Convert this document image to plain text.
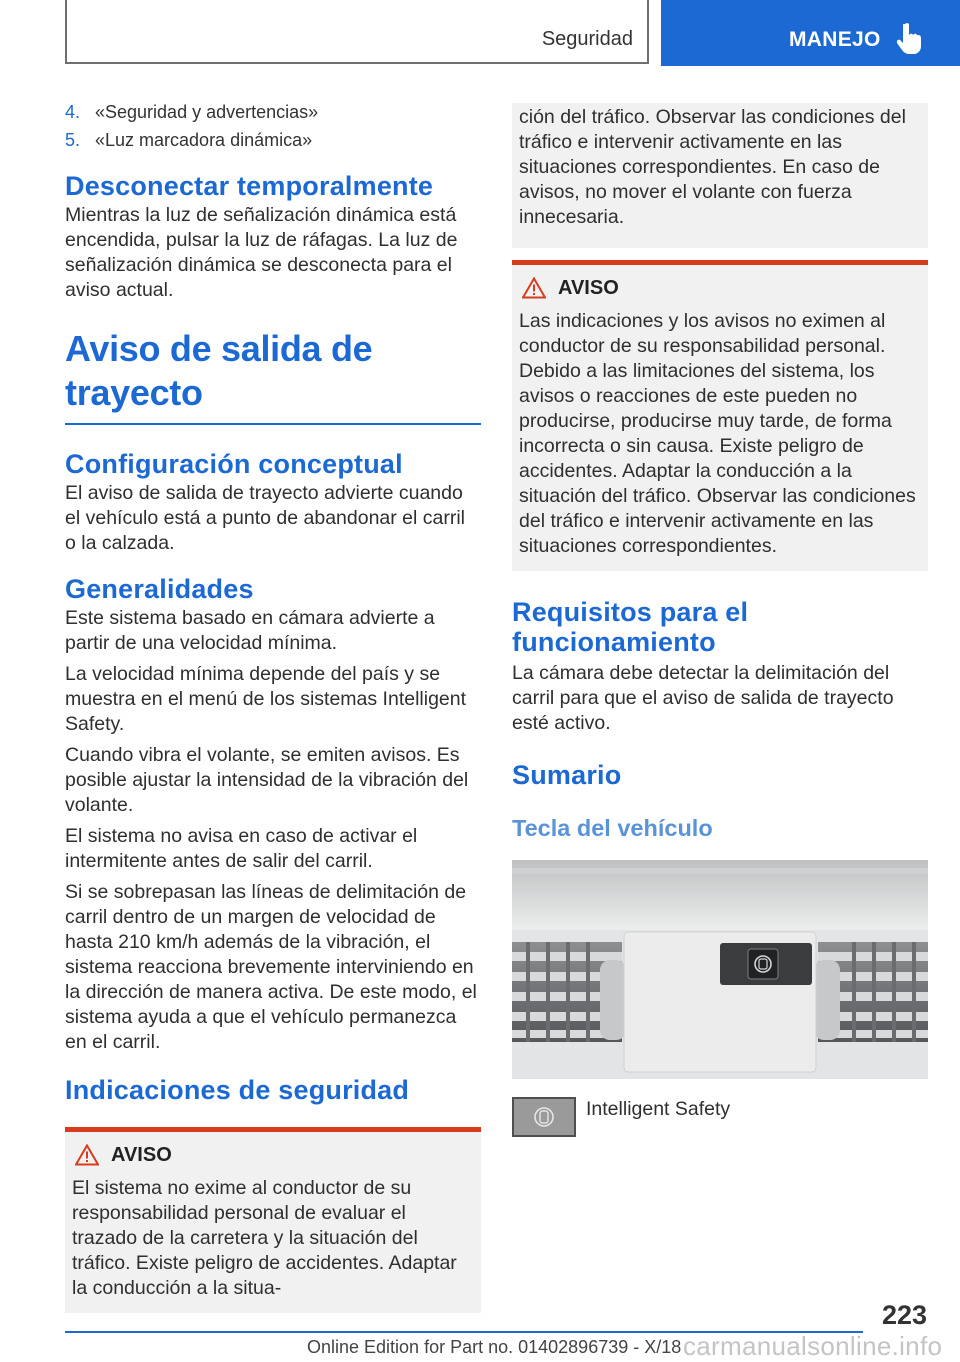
Seguridad	MANEJO
4. «Seguridad y advertencias»
5. «Luz marcadora dinámica»
Desconectar temporalmente

Mientras la luz de señalización dinámica está encendida, pulsar la luz de ráfagas. La luz de señalización dinámica se desconecta para el aviso actual.

Aviso de salida de trayecto
Configuración conceptual

El aviso de salida de trayecto advierte cuando el vehículo está a punto de abandonar el carril o la calzada.

Generalidades

Este sistema basado en cámara advierte a partir de una velocidad mínima.

La velocidad mínima depende del país y se muestra en el menú de los sistemas Intelligent Safety.

Cuando vibra el volante, se emiten avisos. Es posible ajustar la intensidad de la vibración del volante.

El sistema no avisa en caso de activar el intermitente antes de salir del carril.

Si se sobrepasan las líneas de delimitación de carril dentro de un margen de velocidad de hasta 210 km/h además de la vibración, el sistema reacciona brevemente interviniendo en la dirección de manera activa. De este modo, el sistema ayuda a que el vehículo permanezca en el carril.

Indicaciones de seguridad
AVISO
El sistema no exime al conductor de su responsabilidad personal de evaluar el trazado de la carretera y la situación del tráfico. Existe peligro de accidentes. Adaptar la conducción a la situa-
ción del tráfico. Observar las condiciones del tráfico e intervenir activamente en las situaciones correspondientes. En caso de avisos, no mover el volante con fuerza innecesaria.
AVISO
Las indicaciones y los avisos no eximen al conductor de su responsabilidad personal. Debido a las limitaciones del sistema, los avisos o reacciones de este pueden no producirse, producirse muy tarde, de forma incorrecta o sin causa. Existe peligro de accidentes. Adaptar la conducción a la situación del tráfico. Observar las condiciones del tráfico e intervenir activamente en las situaciones correspondientes.
Requisitos para el funcionamiento

La cámara debe detectar la delimitación del carril para que el aviso de salida de trayecto esté activo.

Sumario
Tecla del vehículo
Intelligent Safety
223
Online Edition for Part no. 01402896739 - X/18 carmanualsonline.info
